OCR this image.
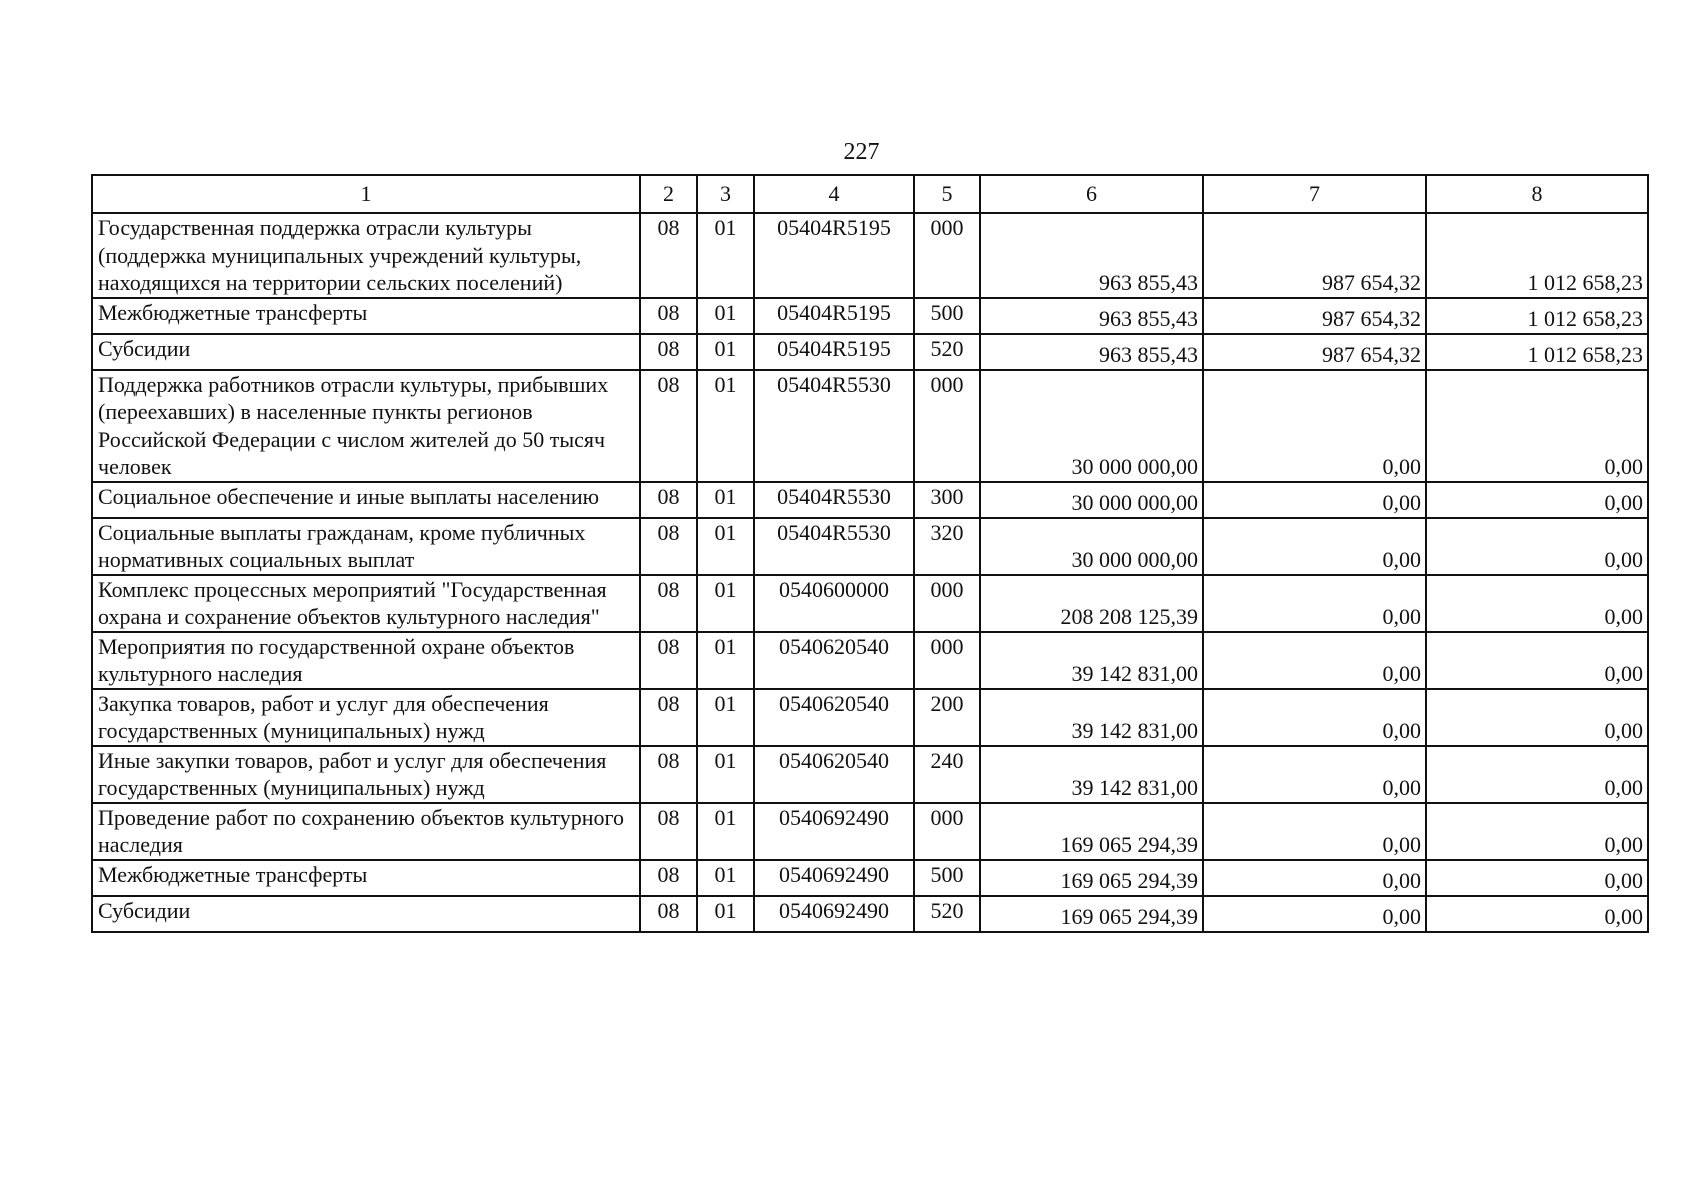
227
1	2	3	4	5	6	7	8
Государственная поддержка отрасли культуры (поддержка муниципальных учреждений культуры, находящихся на территории сельских поселений)	08	01	05404R5195	000	963 855,43	987 654,32	1 012 658,23
Межбюджетные трансферты	08	01	05404R5195	500	963 855,43	987 654,32	1 012 658,23
Субсидии	08	01	05404R5195	520	963 855,43	987 654,32	1 012 658,23
Поддержка работников отрасли культуры, прибывших (переехавших) в населенные пункты регионов Российской Федерации с числом жителей до 50 тысяч человек	08	01	05404R5530	000	30 000 000,00	0,00	0,00
Социальное обеспечение и иные выплаты населению	08	01	05404R5530	300	30 000 000,00	0,00	0,00
Социальные выплаты гражданам, кроме публичных нормативных социальных выплат	08	01	05404R5530	320	30 000 000,00	0,00	0,00
Комплекс процессных мероприятий "Государственная охрана и сохранение объектов культурного наследия"	08	01	0540600000	000	208 208 125,39	0,00	0,00
Мероприятия по государственной охране объектов культурного наследия	08	01	0540620540	000	39 142 831,00	0,00	0,00
Закупка товаров, работ и услуг для обеспечения государственных (муниципальных) нужд	08	01	0540620540	200	39 142 831,00	0,00	0,00
Иные закупки товаров, работ и услуг для обеспечения государственных (муниципальных) нужд	08	01	0540620540	240	39 142 831,00	0,00	0,00
Проведение работ по сохранению объектов культурного наследия	08	01	0540692490	000	169 065 294,39	0,00	0,00
Межбюджетные трансферты	08	01	0540692490	500	169 065 294,39	0,00	0,00
Субсидии	08	01	0540692490	520	169 065 294,39	0,00	0,00
